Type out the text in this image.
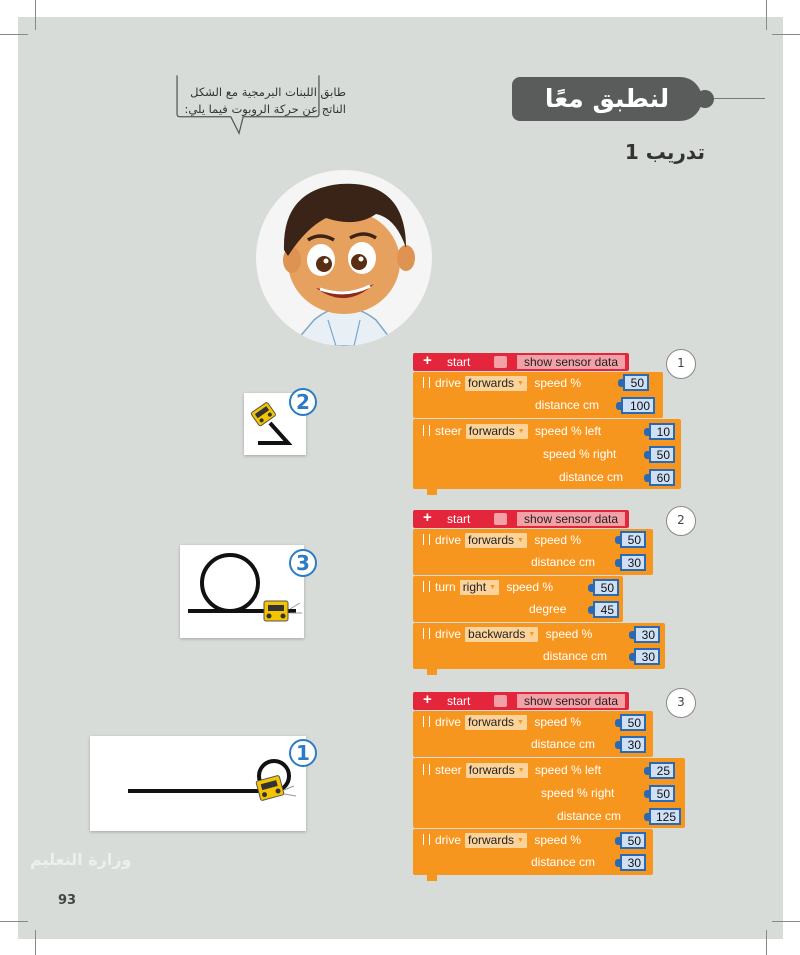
لنطبق معًا
تدريب 1
طابق اللبنات البرمجية مع الشكل
الناتج عن حركة الروبوت فيما يلي:
+ start	show sensor data
drive forwards ▼ speed %	50
distance cm	100
steer forwards ▼ speed % left	10
speed % right	50
distance cm	60
1
+ start	show sensor data
drive forwards ▼ speed %	50
distance cm	30
turn right ▼ speed %	50
degree	45
drive backwards ▼ speed %	30
distance cm	30
2
+ start	show sensor data
drive forwards ▼ speed %	50
distance cm	30
steer forwards ▼ speed % left	25
speed % right	50
distance cm	125
drive forwards ▼ speed %	50
distance cm	30
3
2
3
1
وزارة التعليم
93
